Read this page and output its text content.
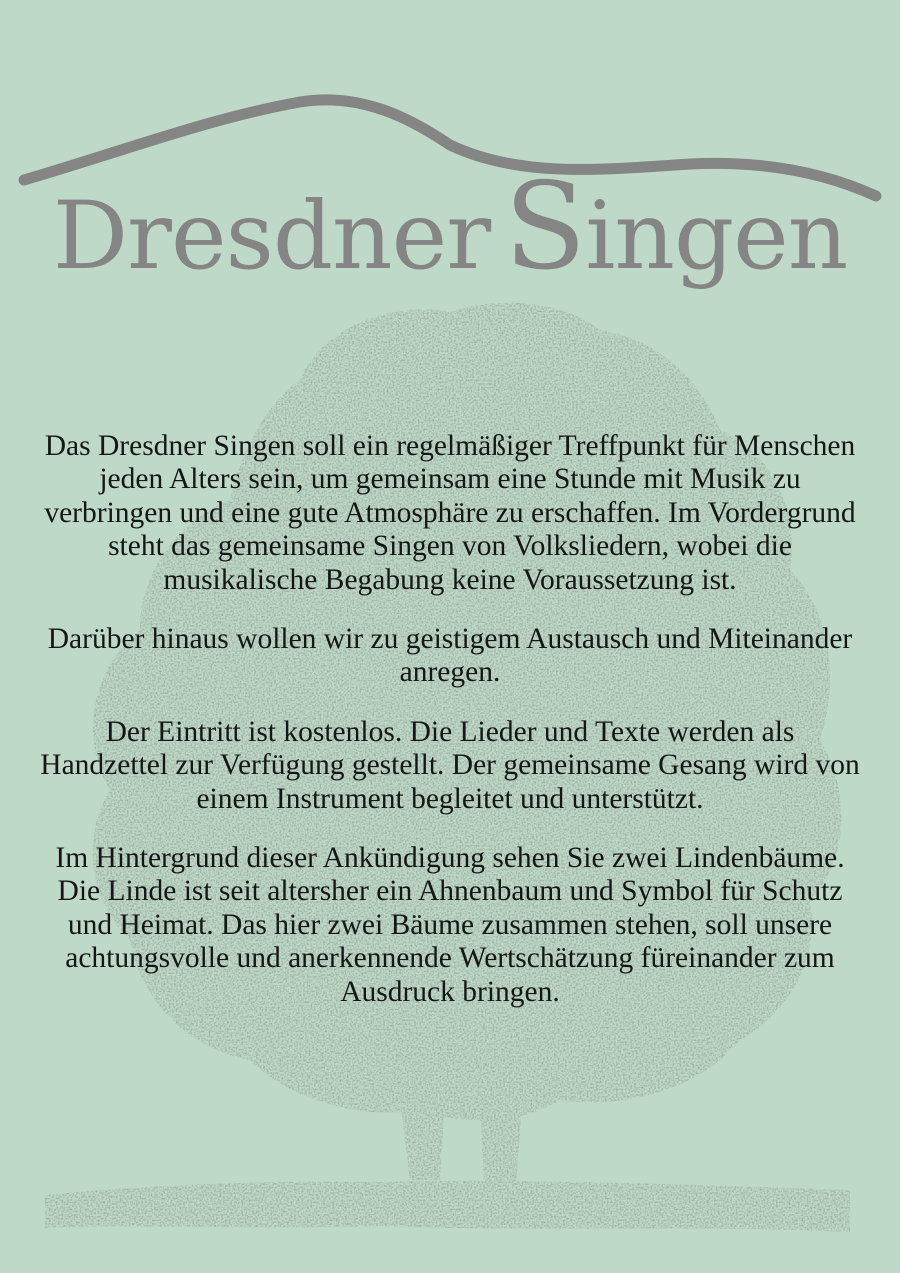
Dresdner Singen

Das Dresdner Singen soll ein regelmäßiger Treffpunkt für Menschen jeden Alters sein, um gemeinsam eine Stunde mit Musik zu verbringen und eine gute Atmosphäre zu erschaffen. Im Vordergrund steht das gemeinsame Singen von Volksliedern, wobei die musikalische Begabung keine Voraussetzung ist.

Darüber hinaus wollen wir zu geistigem Austausch und Miteinander anregen.

Der Eintritt ist kostenlos. Die Lieder und Texte werden als Handzettel zur Verfügung gestellt. Der gemeinsame Gesang wird von einem Instrument begleitet und unterstützt.

Im Hintergrund dieser Ankündigung sehen Sie zwei Lindenbäume. Die Linde ist seit altersher ein Ahnenbaum und Symbol für Schutz und Heimat. Das hier zwei Bäume zusammen stehen, soll unsere achtungsvolle und anerkennende Wertschätzung füreinander zum Ausdruck bringen.
